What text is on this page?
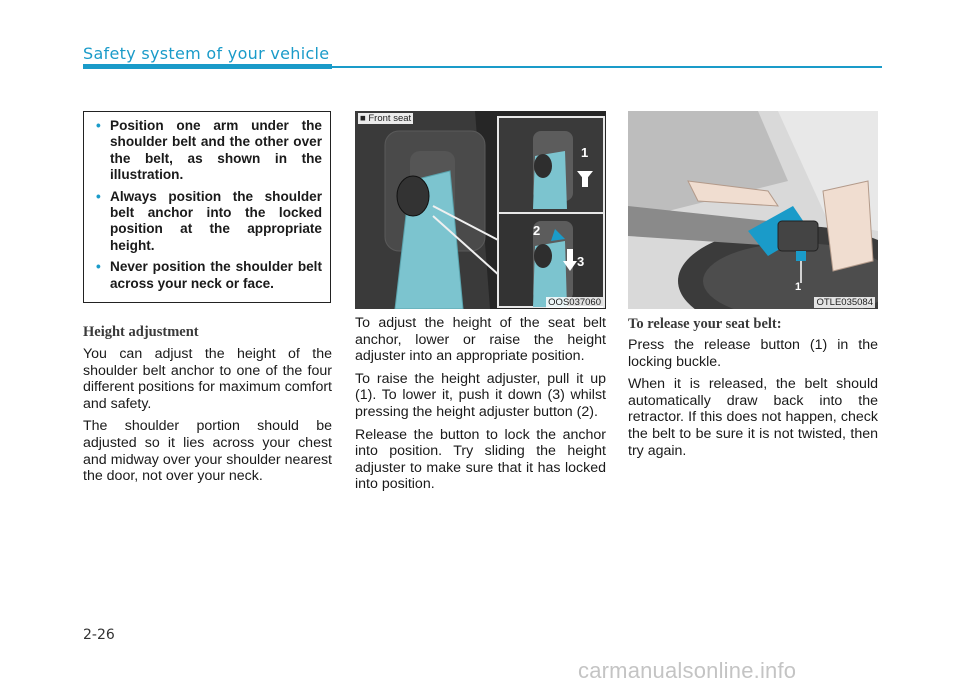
Safety system of your vehicle
• Position one arm under the shoulder belt and the other over the belt, as shown in the illustration.
• Always position the shoulder belt anchor into the locked position at the appropriate height.
• Never position the shoulder belt across your neck or face.
Height adjustment

You can adjust the height of the shoulder belt anchor to one of the four different positions for maximum comfort and safety.

The shoulder portion should be adjusted so it lies across your chest and midway over your shoulder nearest the door, not over your neck.

■ Front seat
1
2
3
OOS037060

To adjust the height of the seat belt anchor, lower or raise the height adjuster into an appropriate position.

To raise the height adjuster, pull it up (1). To lower it, push it down (3) whilst pressing the height adjuster button (2).

Release the button to lock the anchor into position. Try sliding the height adjuster to make sure that it has locked into position.

1
OTLE035084
To release your seat belt:

Press the release button (1) in the locking buckle.

When it is released, the belt should automatically draw back into the retractor. If this does not happen, check the belt to be sure it is not twisted, then try again.

2-26
carmanualsonline.info
